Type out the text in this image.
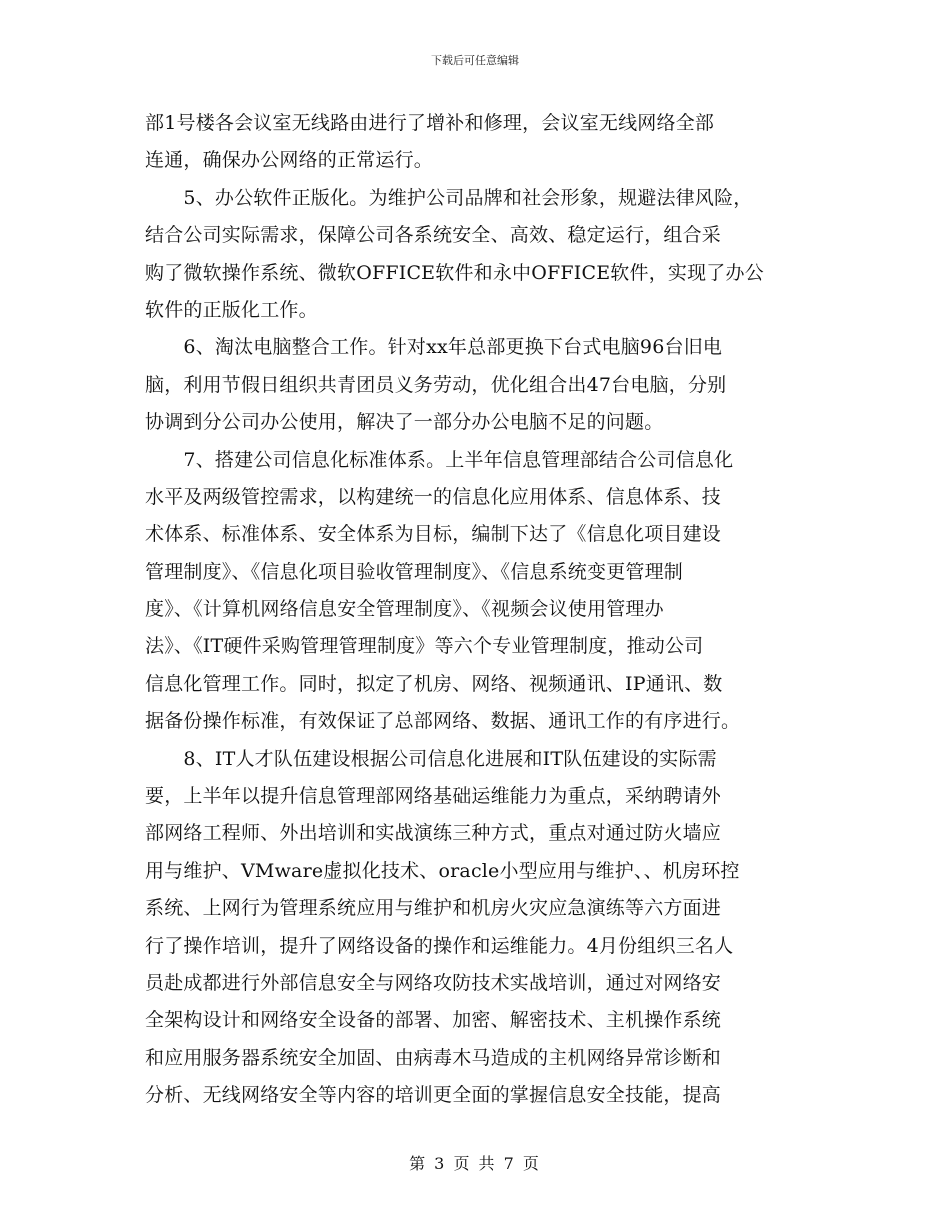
下载后可任意编辑
部1号楼各会议室无线路由进行了增补和修理，会议室无线网络全部
连通，确保办公网络的正常运行。
　　5、办公软件正版化。为维护公司品牌和社会形象，规避法律风险，
结合公司实际需求，保障公司各系统安全、高效、稳定运行，组合采
购了微软操作系统、微软OFFICE软件和永中OFFICE软件，实现了办公
软件的正版化工作。
　　6、淘汰电脑整合工作。针对xx年总部更换下台式电脑96台旧电
脑，利用节假日组织共青团员义务劳动，优化组合出47台电脑，分别
协调到分公司办公使用，解决了一部分办公电脑不足的问题。
　　7、搭建公司信息化标准体系。上半年信息管理部结合公司信息化
水平及两级管控需求，以构建统一的信息化应用体系、信息体系、技
术体系、标准体系、安全体系为目标，编制下达了《信息化项目建设
管理制度》、《信息化项目验收管理制度》、《信息系统变更管理制
度》、《计算机网络信息安全管理制度》、《视频会议使用管理办
法》、《IT硬件采购管理管理制度》等六个专业管理制度，推动公司
信息化管理工作。同时，拟定了机房、网络、视频通讯、IP通讯、数
据备份操作标准，有效保证了总部网络、数据、通讯工作的有序进行。
　　8、IT人才队伍建设根据公司信息化进展和IT队伍建设的实际需
要，上半年以提升信息管理部网络基础运维能力为重点，采纳聘请外
部网络工程师、外出培训和实战演练三种方式，重点对通过防火墙应
用与维护、VMware虚拟化技术、oracle小型应用与维护、、机房环控
系统、上网行为管理系统应用与维护和机房火灾应急演练等六方面进
行了操作培训，提升了网络设备的操作和运维能力。4月份组织三名人
员赴成都进行外部信息安全与网络攻防技术实战培训，通过对网络安
全架构设计和网络安全设备的部署、加密、解密技术、主机操作系统
和应用服务器系统安全加固、由病毒木马造成的主机网络异常诊断和
分析、无线网络安全等内容的培训更全面的掌握信息安全技能，提高
第 3 页 共 7 页
